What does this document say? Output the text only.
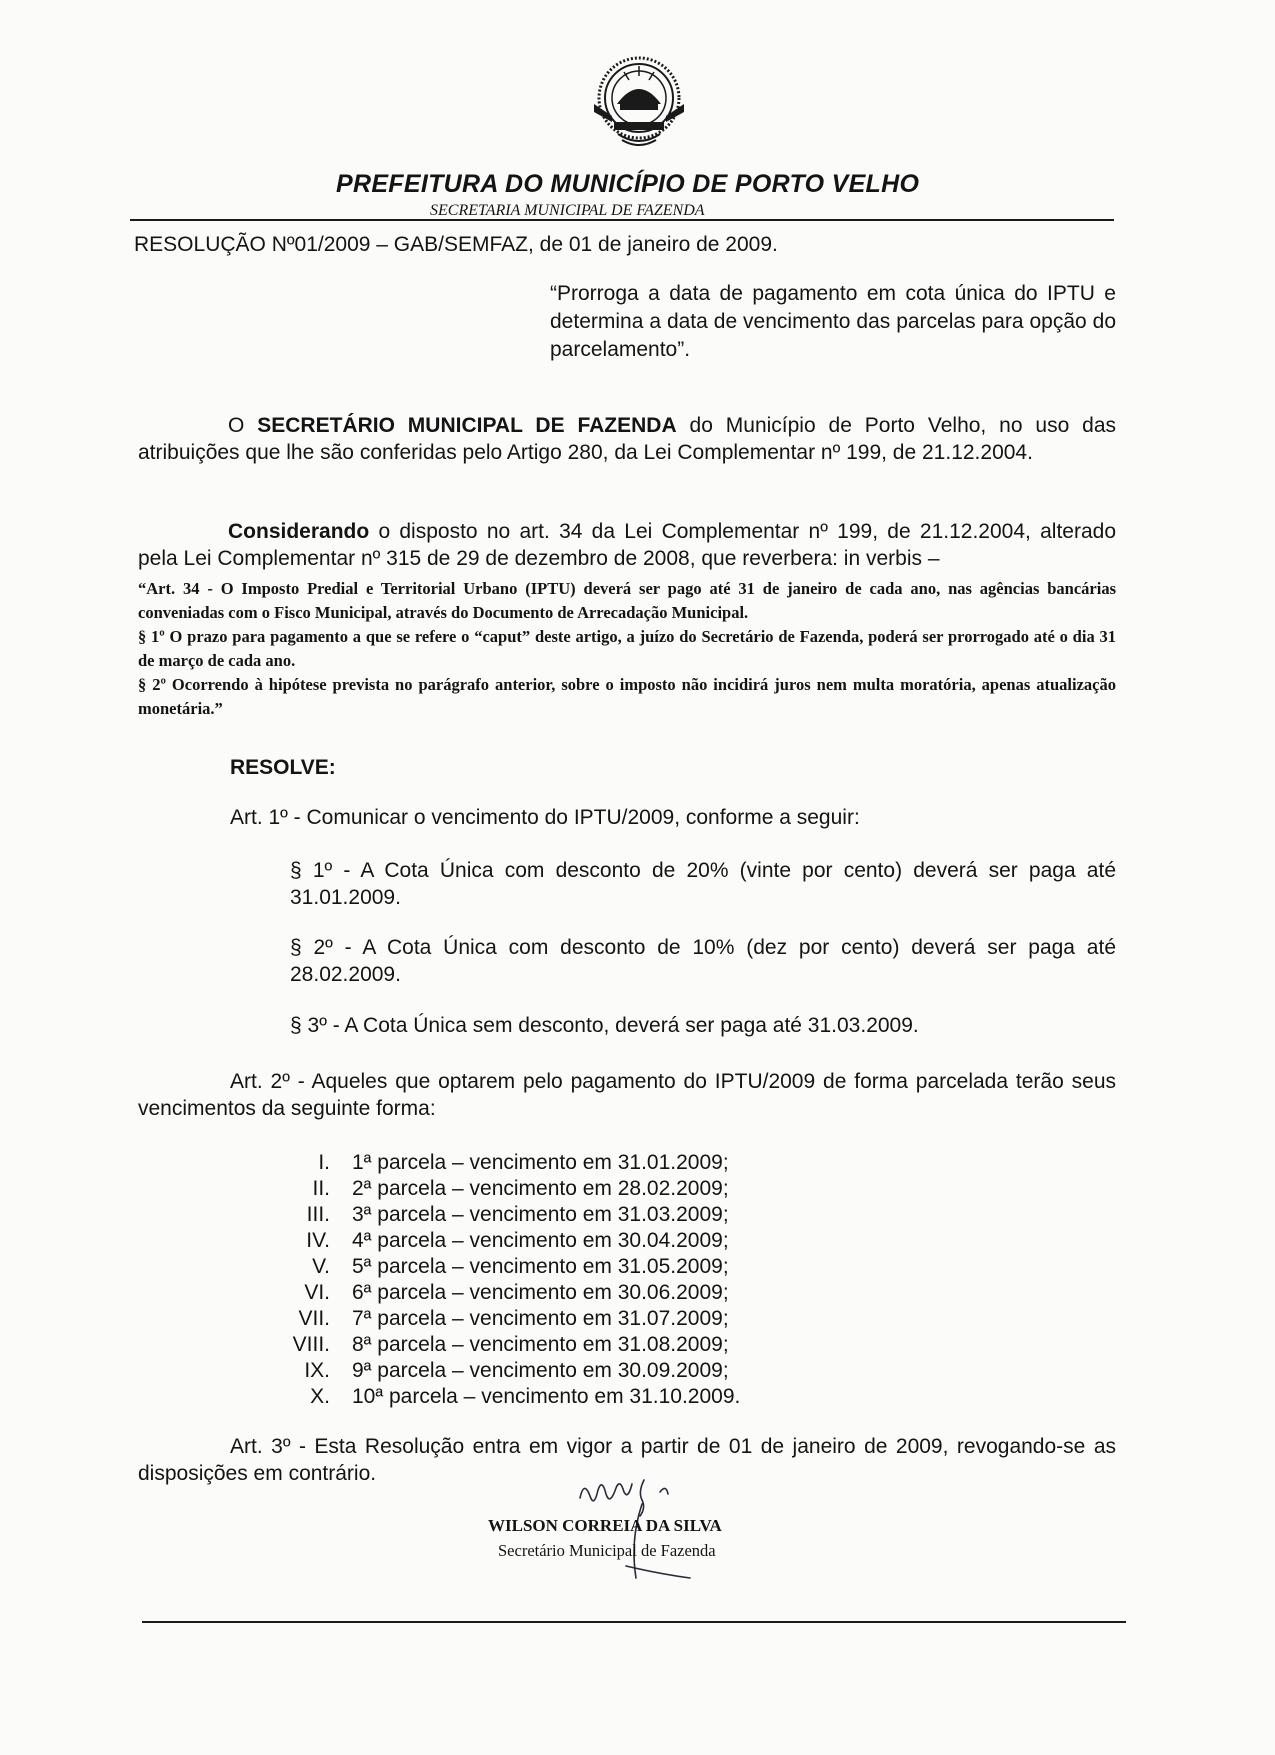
PREFEITURA DO MUNICÍPIO DE PORTO VELHO
SECRETARIA MUNICIPAL DE FAZENDA
RESOLUÇÃO Nº01/2009 – GAB/SEMFAZ, de 01 de janeiro de 2009.
“Prorroga a data de pagamento em cota única do IPTU e determina a data de vencimento das parcelas para opção do parcelamento”.
O SECRETÁRIO MUNICIPAL DE FAZENDA do Município de Porto Velho, no uso das atribuições que lhe são conferidas pelo Artigo 280, da Lei Complementar nº 199, de 21.12.2004.
Considerando o disposto no art. 34 da Lei Complementar nº 199, de 21.12.2004, alterado pela Lei Complementar nº 315 de 29 de dezembro de 2008, que reverbera: in verbis –

“Art. 34 - O Imposto Predial e Territorial Urbano (IPTU) deverá ser pago até 31 de janeiro de cada ano, nas agências bancárias conveniadas com o Fisco Municipal, através do Documento de Arrecadação Municipal.

§ 1º O prazo para pagamento a que se refere o “caput” deste artigo, a juízo do Secretário de Fazenda, poderá ser prorrogado até o dia 31 de março de cada ano.

§ 2º Ocorrendo à hipótese prevista no parágrafo anterior, sobre o imposto não incidirá juros nem multa moratória, apenas atualização monetária.”

RESOLVE:
Art. 1º - Comunicar o vencimento do IPTU/2009, conforme a seguir:
§ 1º - A Cota Única com desconto de 20% (vinte por cento) deverá ser paga até 31.01.2009.
§ 2º - A Cota Única com desconto de 10% (dez por cento) deverá ser paga até 28.02.2009.
§ 3º - A Cota Única sem desconto, deverá ser paga até 31.03.2009.
Art. 2º - Aqueles que optarem pelo pagamento do IPTU/2009 de forma parcelada terão seus vencimentos da seguinte forma:
I.	1ª parcela – vencimento em 31.01.2009;
II.	2ª parcela – vencimento em 28.02.2009;
III.	3ª parcela – vencimento em 31.03.2009;
IV.	4ª parcela – vencimento em 30.04.2009;
V.	5ª parcela – vencimento em 31.05.2009;
VI.	6ª parcela – vencimento em 30.06.2009;
VII.	7ª parcela – vencimento em 31.07.2009;
VIII.	8ª parcela – vencimento em 31.08.2009;
IX.	9ª parcela – vencimento em 30.09.2009;
X.	10ª parcela – vencimento em 31.10.2009.
Art. 3º - Esta Resolução entra em vigor a partir de 01 de janeiro de 2009, revogando-se as disposições em contrário.
WILSON CORREIA DA SILVA
Secretário Municipal de Fazenda
